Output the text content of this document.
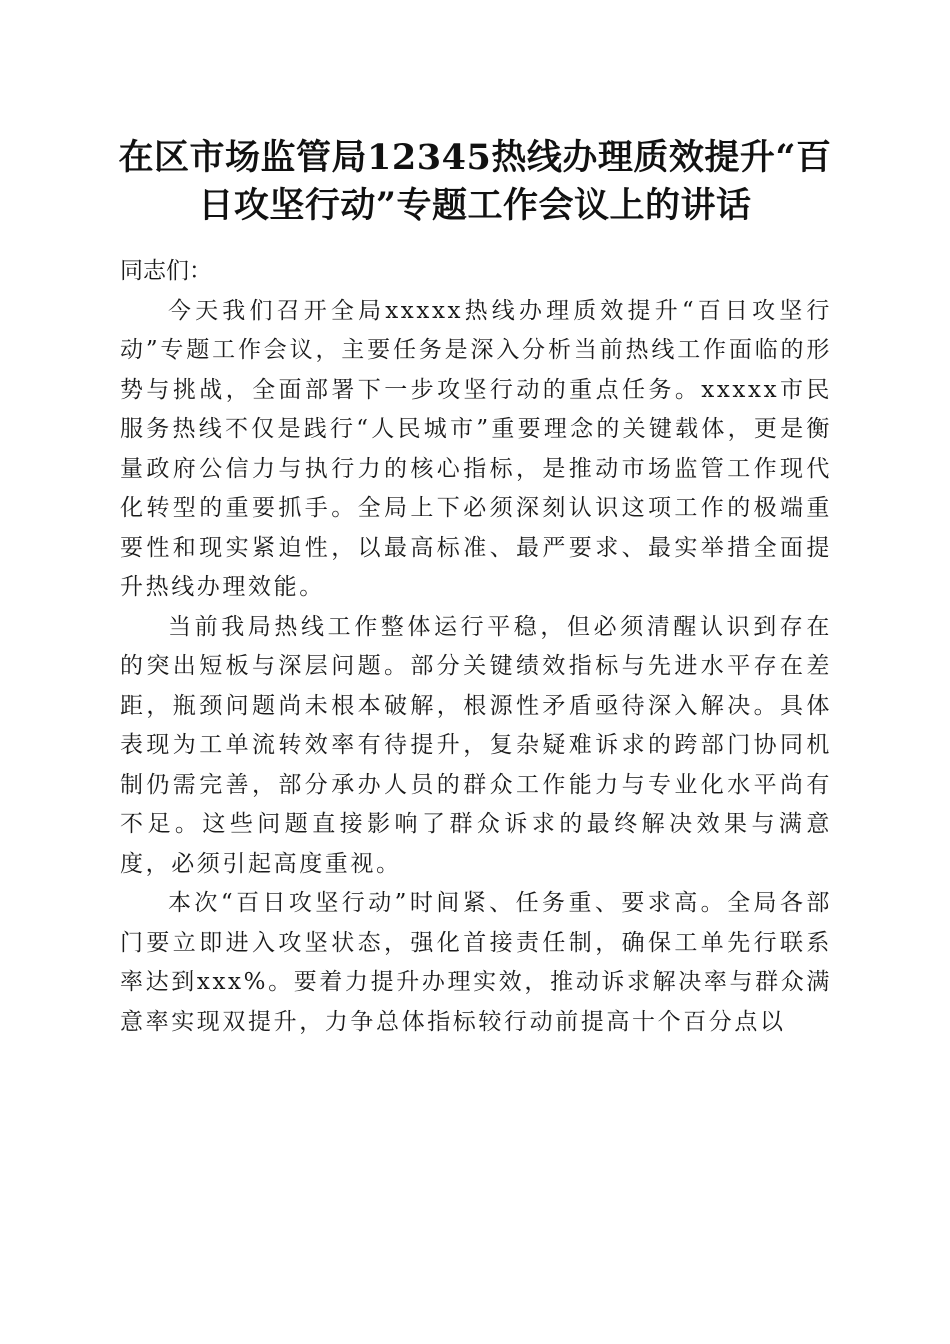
在区市场监管局12345热线办理质效提升“百
日攻坚行动”专题工作会议上的讲话

同志们：

今天我们召开全局xxxxx热线办理质效提升“百日攻坚行动”专题工作会议，主要任务是深入分析当前热线工作面临的形势与挑战，全面部署下一步攻坚行动的重点任务。xxxxx市民服务热线不仅是践行“人民城市”重要理念的关键载体，更是衡量政府公信力与执行力的核心指标，是推动市场监管工作现代化转型的重要抓手。全局上下必须深刻认识这项工作的极端重要性和现实紧迫性，以最高标准、最严要求、最实举措全面提升热线办理效能。

当前我局热线工作整体运行平稳，但必须清醒认识到存在的突出短板与深层问题。部分关键绩效指标与先进水平存在差距，瓶颈问题尚未根本破解，根源性矛盾亟待深入解决。具体表现为工单流转效率有待提升，复杂疑难诉求的跨部门协同机制仍需完善，部分承办人员的群众工作能力与专业化水平尚有不足。这些问题直接影响了群众诉求的最终解决效果与满意度，必须引起高度重视。

本次“百日攻坚行动”时间紧、任务重、要求高。全局各部门要立即进入攻坚状态，强化首接责任制，确保工单先行联系率达到xxx%。要着力提升办理实效，推动诉求解决率与群众满意率实现双提升，力争总体指标较行动前提高十个百分点以
